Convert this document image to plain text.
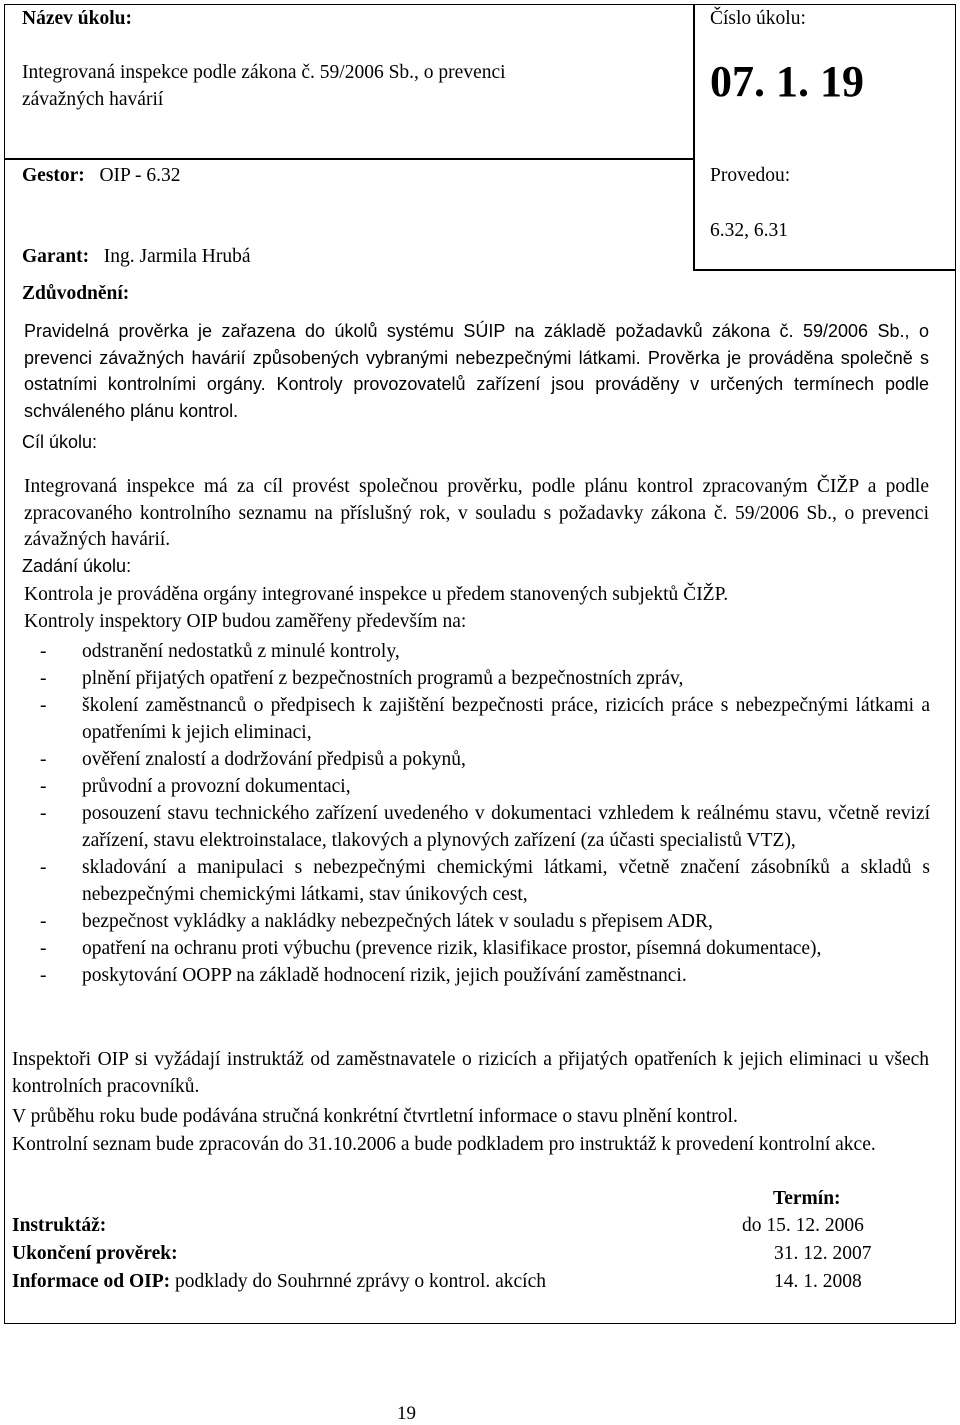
Název úkolu:
Integrovaná inspekce podle zákona č. 59/2006 Sb., o prevenci
závažných havárií
Gestor: OIP - 6.32
Garant: Ing. Jarmila Hrubá
Číslo úkolu:
07. 1. 19
Provedou:
6.32, 6.31
Zdůvodnění:
Pravidelná prověrka je zařazena do úkolů systému SÚIP na základě požadavků zákona č. 59/2006 Sb., o prevenci závažných havárií způsobených vybranými nebezpečnými látkami. Prověrka je prováděna společně s ostatními kontrolními orgány. Kontroly provozovatelů zařízení jsou prováděny v určených termínech podle schváleného plánu kontrol.
Cíl úkolu:
Integrovaná inspekce má za cíl provést společnou prověrku, podle plánu kontrol zpracovaným ČIŽP a podle zpracovaného kontrolního seznamu na příslušný rok, v souladu s požadavky zákona č. 59/2006 Sb., o prevenci závažných havárií.
Zadání úkolu:
Kontrola je prováděna orgány integrované inspekce u předem stanovených subjektů ČIŽP.
Kontroly inspektory OIP budou zaměřeny především na:
- odstranění nedostatků z minulé kontroly,
- plnění přijatých opatření z bezpečnostních programů a bezpečnostních zpráv,
- školení zaměstnanců o předpisech k zajištění bezpečnosti práce, rizicích práce s nebezpečnými látkami a opatřeními k jejich eliminaci,
- ověření znalostí a dodržování předpisů a pokynů,
- průvodní a provozní dokumentaci,
- posouzení stavu technického zařízení uvedeného v dokumentaci vzhledem k reálnému stavu, včetně revizí zařízení, stavu elektroinstalace, tlakových a plynových zařízení (za účasti specialistů VTZ),
- skladování a manipulaci s nebezpečnými chemickými látkami, včetně značení zásobníků a skladů s nebezpečnými chemickými látkami, stav únikových cest,
- bezpečnost vykládky a nakládky nebezpečných látek v souladu s přepisem ADR,
- opatření na ochranu proti výbuchu (prevence rizik, klasifikace prostor, písemná dokumentace),
- poskytování OOPP na základě hodnocení rizik, jejich používání zaměstnanci.
Inspektoři OIP si vyžádají instruktáž od zaměstnavatele o rizicích a přijatých opatřeních k jejich eliminaci u všech kontrolních pracovníků.
V průběhu roku bude podávána stručná konkrétní čtvrtletní informace o stavu plnění kontrol.
Kontrolní seznam bude zpracován do 31.10.2006 a bude podkladem pro instruktáž k provedení kontrolní akce.
Termín:
Instruktáž:	do 15. 12. 2006
Ukončení prověrek:	31. 12. 2007
Informace od OIP: podklady do Souhrnné zprávy o kontrol. akcích	14. 1. 2008
19
